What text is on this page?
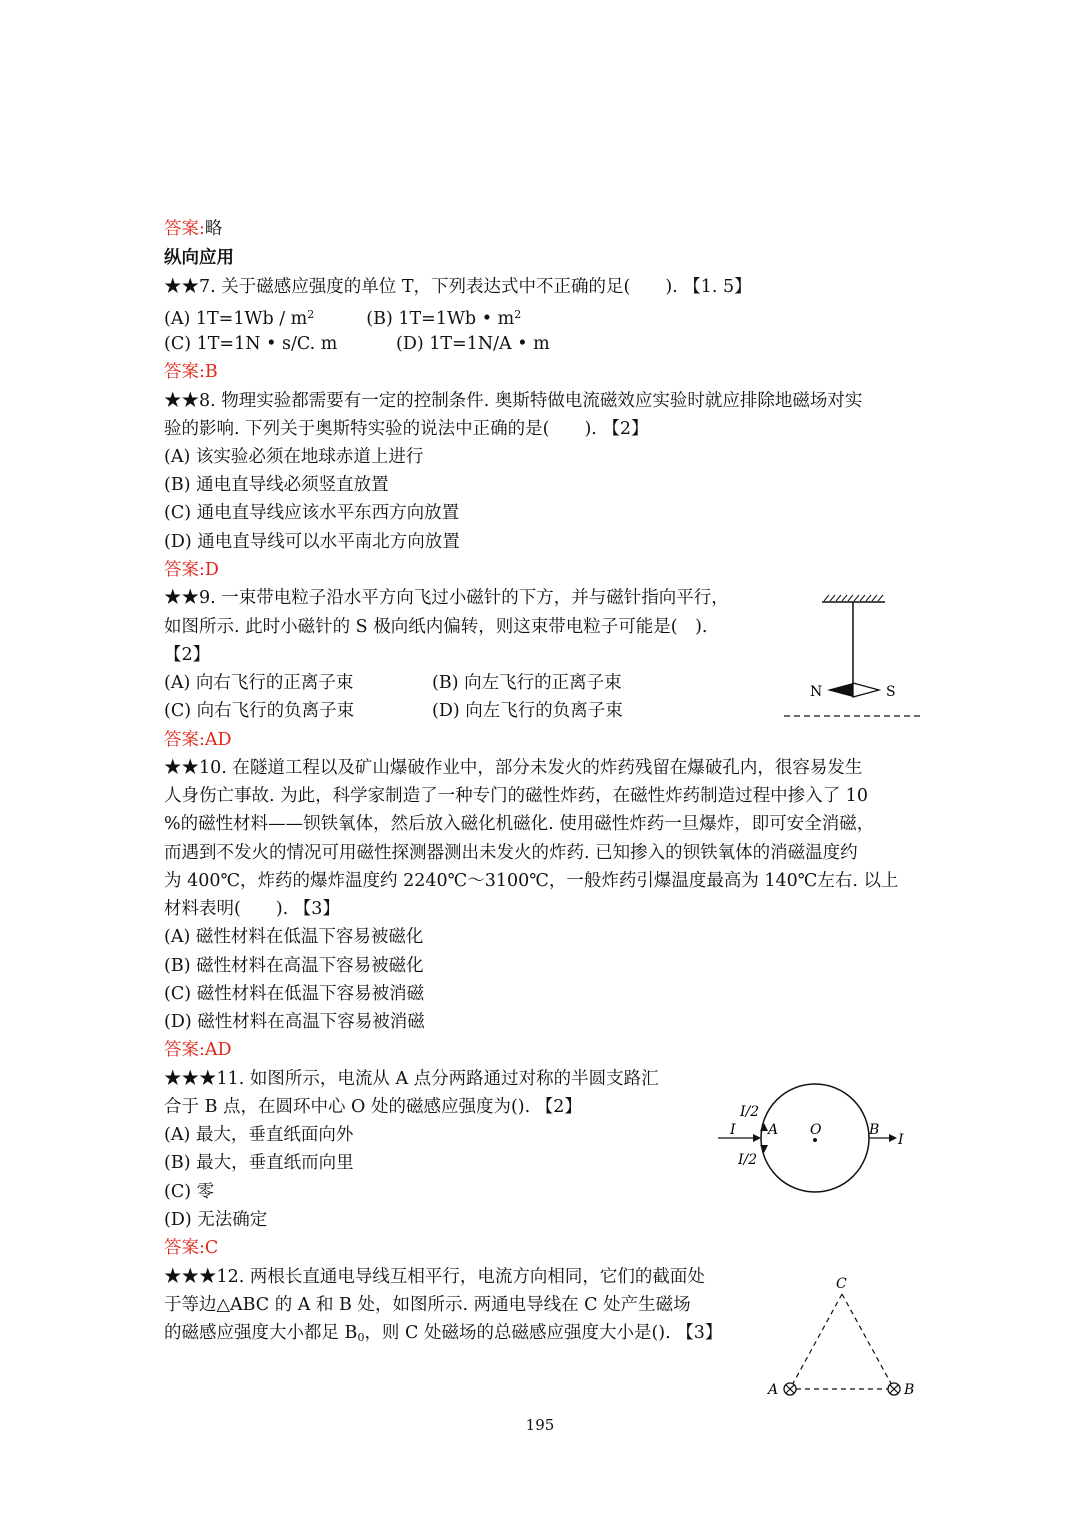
答案:略
纵向应用
★★7. 关于磁感应强度的单位 T，下列表达式中不正确的足(　　). 【1. 5】
(A) $1T=1Wb / m^2$	(B) 1T=1Wb • $m^2$
(C) 1T=1N • s/C. m	(D) 1T=1N/A • m
答案:B
★★8. 物理实验都需要有一定的控制条件. 奥斯特做电流磁效应实验时就应排除地磁场对实
验的影响. 下列关于奥斯特实验的说法中正确的是(　　). 【2】
(A) 该实验必须在地球赤道上进行
(B) 通电直导线必须竖直放置
(C) 通电直导线应该水平东西方向放置
(D) 通电直导线可以水平南北方向放置
答案:D
★★9. 一束带电粒子沿水平方向飞过小磁针的下方，并与磁针指向平行，
如图所示. 此时小磁针的 S 极向纸内偏转，则这束带电粒子可能是(　).
【2】
(A) 向右飞行的正离子束	(B) 向左飞行的正离子束
(C) 向右飞行的负离子束	(D) 向左飞行的负离子束
答案:AD
N	S
★★10. 在隧道工程以及矿山爆破作业中，部分未发火的炸药残留在爆破孔内，很容易发生
人身伤亡事故. 为此，科学家制造了一种专门的磁性炸药，在磁性炸药制造过程中掺入了 10
%的磁性材料——钡铁氧体，然后放入磁化机磁化. 使用磁性炸药一旦爆炸，即可安全消磁，
而遇到不发火的情况可用磁性探测器测出未发火的炸药. 已知掺入的钡铁氧体的消磁温度约
为 400℃，炸药的爆炸温度约 2240℃～3100℃，一般炸药引爆温度最高为 140℃左右. 以上
材料表明(　　). 【3】
(A) 磁性材料在低温下容易被磁化
(B) 磁性材料在高温下容易被磁化
(C) 磁性材料在低温下容易被消磁
(D) 磁性材料在高温下容易被消磁
答案:AD
★★★11. 如图所示，电流从 A 点分两路通过对称的半圆支路汇
合于 B 点，在圆环中心 O 处的磁感应强度为(). 【2】
(A) 最大，垂直纸面向外
(B) 最大，垂直纸而向里
(C) 零
(D) 无法确定
答案:C
I/2
I/2
I
I
A O	B
★★★12. 两根长直通电导线互相平行，电流方向相同，它们的截面处
于等边△ABC 的 A 和 B 处，如图所示. 两通电导线在 C 处产生磁场
的磁感应强度大小都足 $B_0$，则 C 处磁场的总磁感应强度大小是(). 【3】
C
A	B
195
